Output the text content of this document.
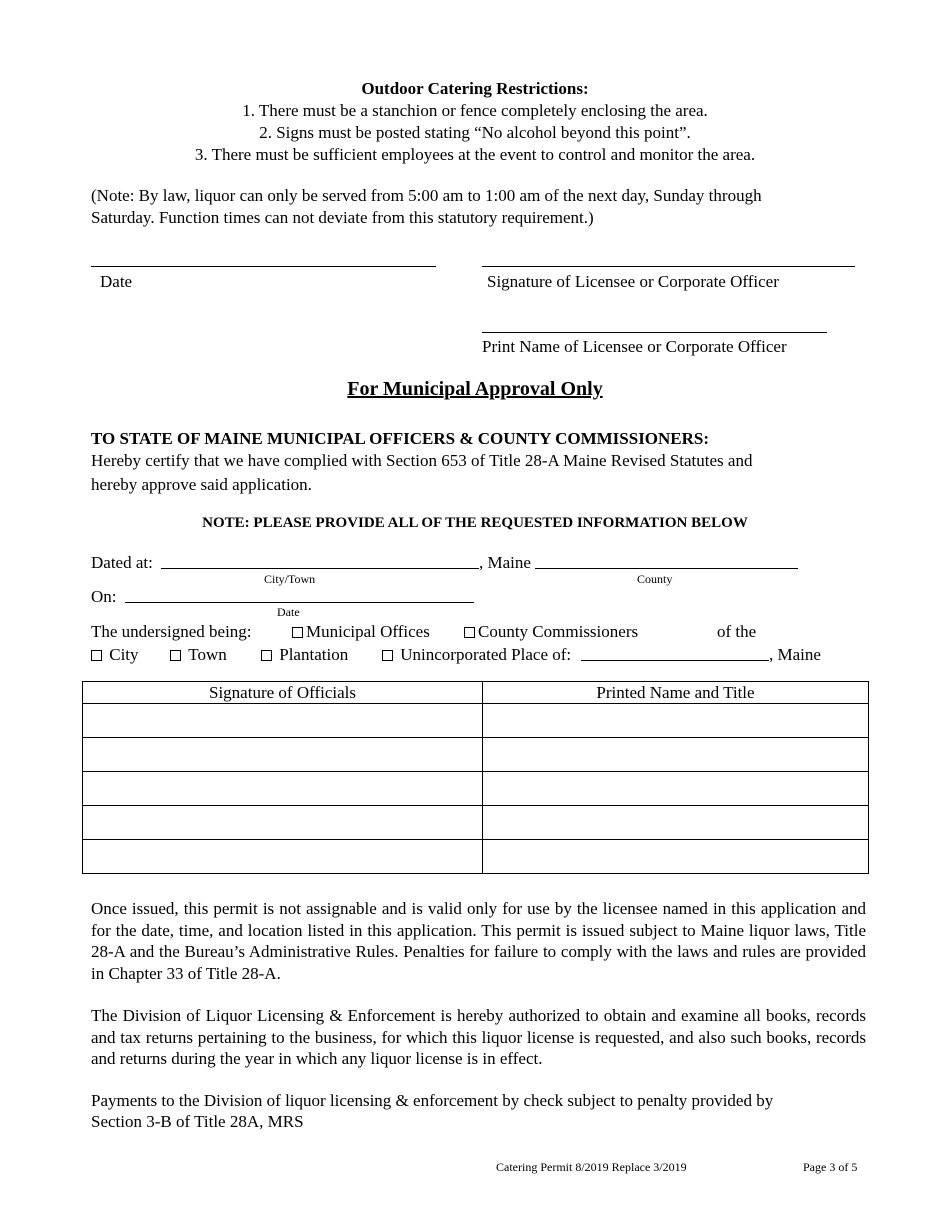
Outdoor Catering Restrictions:
1. There must be a stanchion or fence completely enclosing the area.
2. Signs must be posted stating “No alcohol beyond this point”.
3. There must be sufficient employees at the event to control and monitor the area.
(Note: By law, liquor can only be served from 5:00 am to 1:00 am of the next day, Sunday through
Saturday. Function times can not deviate from this statutory requirement.)
Date	Signature of Licensee or Corporate Officer
Print Name of Licensee or Corporate Officer
For Municipal Approval Only
TO STATE OF MAINE MUNICIPAL OFFICERS & COUNTY COMMISSIONERS:
Hereby certify that we have complied with Section 653 of Title 28-A Maine Revised Statutes and
hereby approve said application.
NOTE: PLEASE PROVIDE ALL OF THE REQUESTED INFORMATION BELOW
Dated at:	, Maine
City/Town	County
On:
Date
The undersigned being:	Municipal Offices	County Commissioners	of the
City	Town	Plantation	Unincorporated Place of:	, Maine
Signature of Officials	Printed Name and Title

Once issued, this permit is not assignable and is valid only for use by the licensee named in this application and for the date, time, and location listed in this application. This permit is issued subject to Maine liquor laws, Title 28-A and the Bureau’s Administrative Rules. Penalties for failure to comply with the laws and rules are provided in Chapter 33 of Title 28-A.
The Division of Liquor Licensing & Enforcement is hereby authorized to obtain and examine all books, records and tax returns pertaining to the business, for which this liquor license is requested, and also such books, records and returns during the year in which any liquor license is in effect.
Payments to the Division of liquor licensing & enforcement by check subject to penalty provided by
Section 3-B of Title 28A, MRS
Catering Permit 8/2019 Replace 3/2019	Page 3 of 5
